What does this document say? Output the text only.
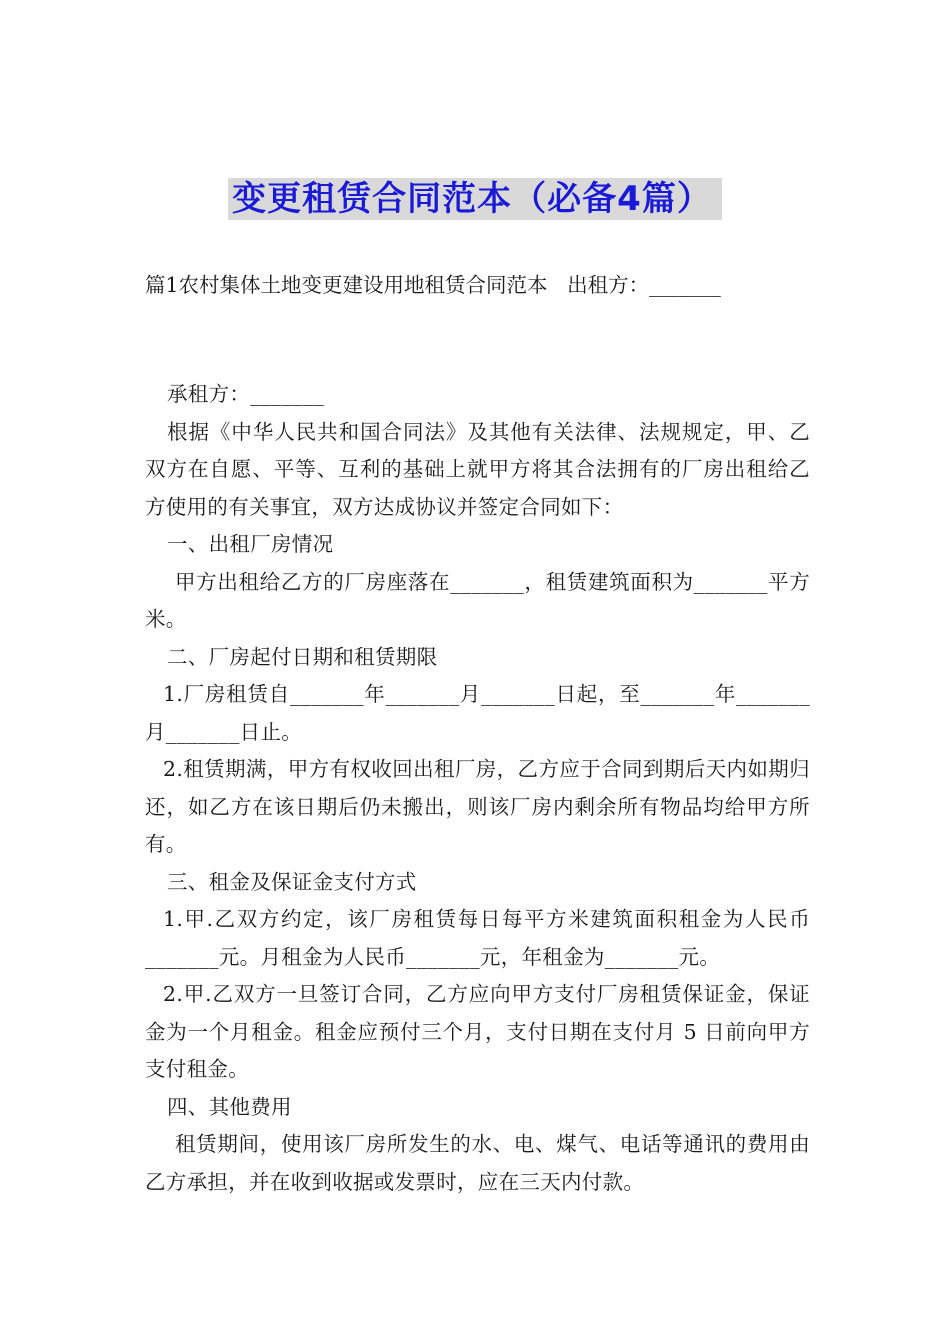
变更租赁合同范本（必备4篇）
篇1农村集体土地变更建设用地租赁合同范本   出租方：_______

承租方：_______

根据《中华人民共和国合同法》及其他有关法律、法规规定，甲、乙双方在自愿、平等、互利的基础上就甲方将其合法拥有的厂房出租给乙方使用的有关事宜，双方达成协议并签定合同如下：

一、出租厂房情况

甲方出租给乙方的厂房座落在_______，租赁建筑面积为_______平方米。

二、厂房起付日期和租赁期限

1.厂房租赁自_______年_______月_______日起，至_______年_______月_______日止。

2.租赁期满，甲方有权收回出租厂房，乙方应于合同到期后天内如期归还，如乙方在该日期后仍未搬出，则该厂房内剩余所有物品均给甲方所有。

三、租金及保证金支付方式

1.甲.乙双方约定，该厂房租赁每日每平方米建筑面积租金为人民币_______元。月租金为人民币_______元，年租金为_______元。

2.甲.乙双方一旦签订合同，乙方应向甲方支付厂房租赁保证金，保证金为一个月租金。租金应预付三个月，支付日期在支付月 5 日前向甲方支付租金。

四、其他费用

租赁期间，使用该厂房所发生的水、电、煤气、电话等通讯的费用由乙方承担，并在收到收据或发票时，应在三天内付款。
